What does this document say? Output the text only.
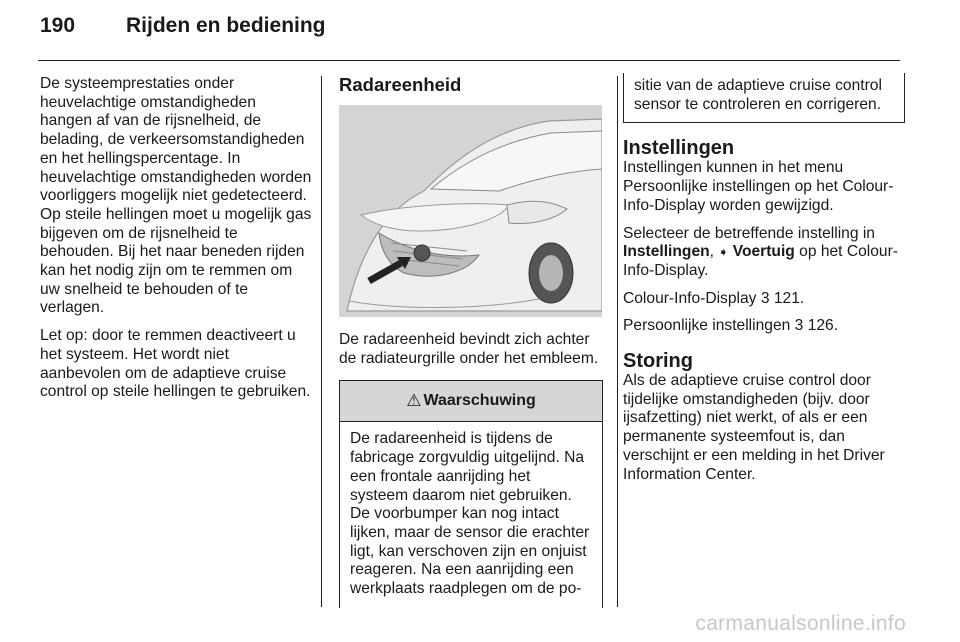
190 Rijden en bediening

De systeemprestaties onder heuvelachtige omstandigheden hangen af van de rijsnelheid, de belading, de verkeersomstandigheden en het hellingspercentage. In heuvelachtige omstandigheden worden voorliggers mogelijk niet gedetecteerd. Op steile hellingen moet u mogelijk gas bijgeven om de rijsnelheid te behouden. Bij het naar beneden rijden kan het nodig zijn om te remmen om uw snelheid te behouden of te verlagen.

Let op: door te remmen deactiveert u het systeem. Het wordt niet aanbevolen om de adaptieve cruise control op steile hellingen te gebruiken.

Radareenheid

De radareenheid bevindt zich achter de radiateurgrille onder het embleem.

⚠ Waarschuwing
De radareenheid is tijdens de fabricage zorgvuldig uitgelijnd. Na een frontale aanrijding het systeem daarom niet gebruiken. De voorbumper kan nog intact lijken, maar de sensor die erachter ligt, kan verschoven zijn en onjuist reageren. Na een aanrijding een werkplaats raadplegen om de po-
sitie van de adaptieve cruise control sensor te controleren en corrigeren.
Instellingen

Instellingen kunnen in het menu Persoonlijke instellingen op het Colour-Info-Display worden gewijzigd.

Selecteer de betreffende instelling in Instellingen, ➧ Voertuig op het Colour-Info-Display.

Colour-Info-Display 3 121.

Persoonlijke instellingen 3 126.

Storing

Als de adaptieve cruise control door tijdelijke omstandigheden (bijv. door ijsafzetting) niet werkt, of als er een permanente systeemfout is, dan verschijnt er een melding in het Driver Information Center.

carmanualsonline.info
